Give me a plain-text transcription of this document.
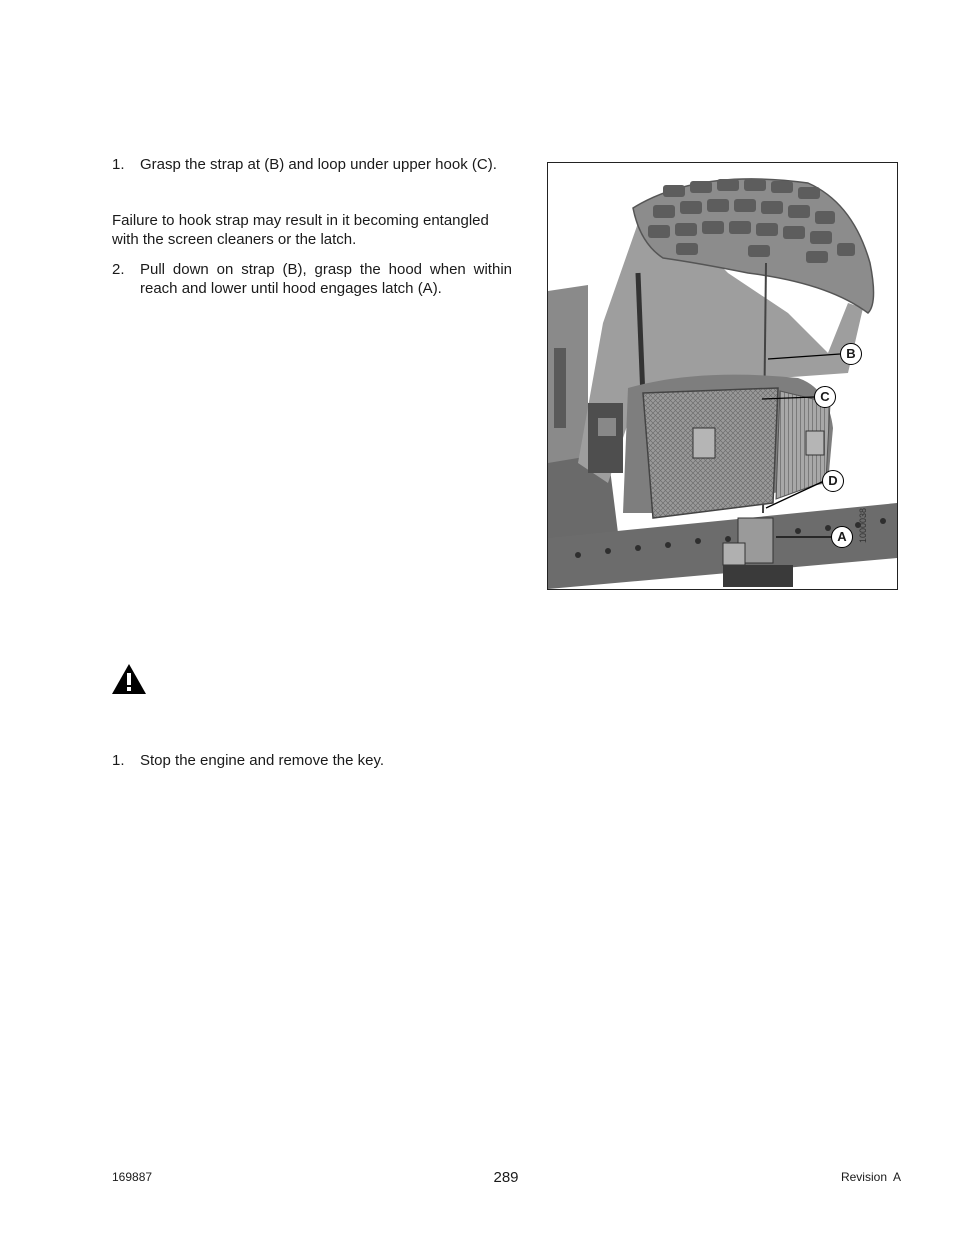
1. Grasp the strap at (B) and loop under upper hook (C).
Failure to hook strap may result in it becoming entangled with the screen cleaners or the latch.
2. Pull down on strap (B), grasp the hood when within reach and lower until hood engages latch (A).
B
C
D
A	1000038
1. Stop the engine and remove the key.
169887	289	Revision  A
